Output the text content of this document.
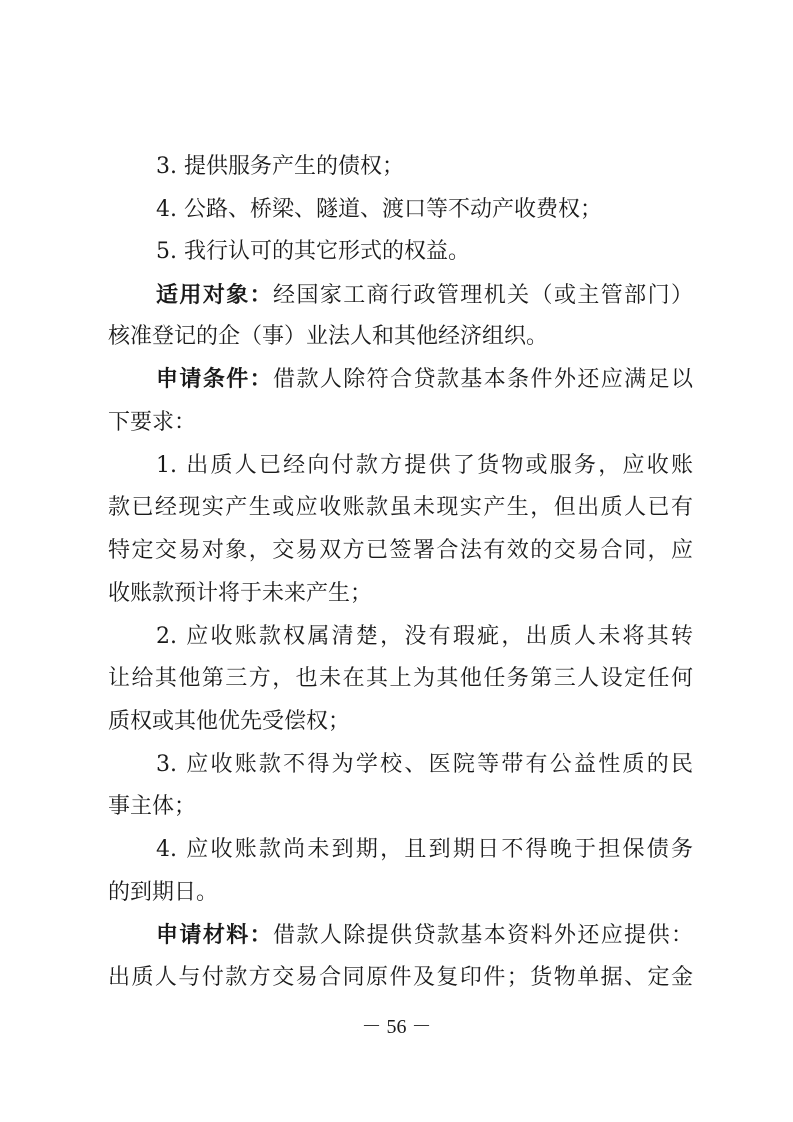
3. 提供服务产生的债权；
4. 公路、桥梁、隧道、渡口等不动产收费权；
5. 我行认可的其它形式的权益。
适用对象：经国家工商行政管理机关（或主管部门）
核准登记的企（事）业法人和其他经济组织。
申请条件：借款人除符合贷款基本条件外还应满足以
下要求：
1. 出质人已经向付款方提供了货物或服务，应收账
款已经现实产生或应收账款虽未现实产生，但出质人已有
特定交易对象，交易双方已签署合法有效的交易合同，应
收账款预计将于未来产生；
2. 应收账款权属清楚，没有瑕疵，出质人未将其转
让给其他第三方，也未在其上为其他任务第三人设定任何
质权或其他优先受偿权；
3. 应收账款不得为学校、医院等带有公益性质的民
事主体；
4. 应收账款尚未到期，且到期日不得晚于担保债务
的到期日。
申请材料：借款人除提供贷款基本资料外还应提供：
出质人与付款方交易合同原件及复印件；货物单据、定金
－ 56 －
